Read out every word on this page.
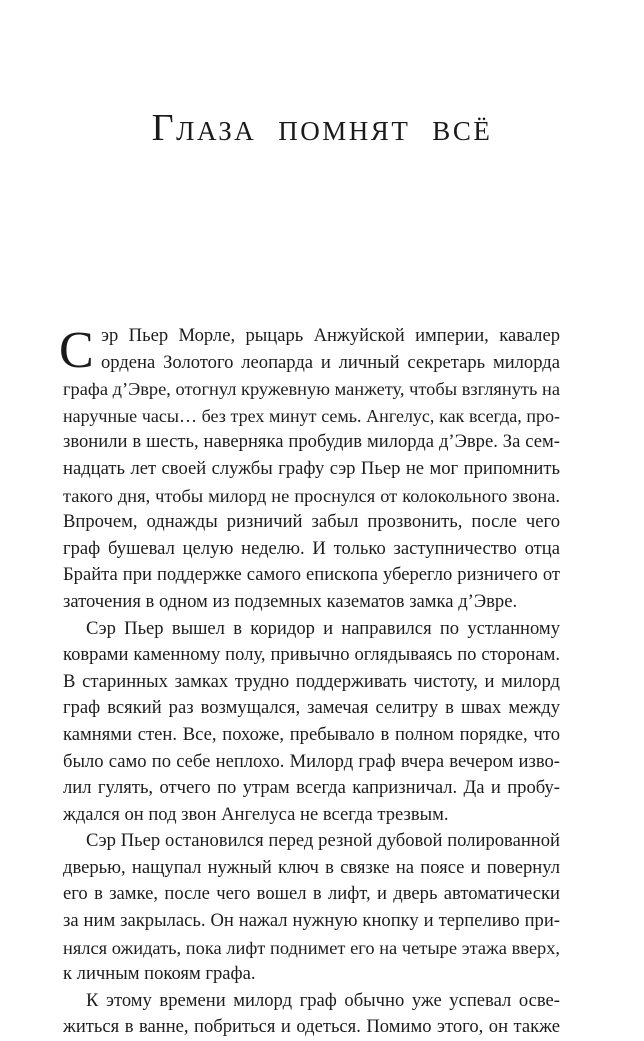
Глаза помнят всё
С эр Пьер Морле, рыцарь Анжуйской империи, кавалер
ордена Золотого леопарда и личный секретарь милорда
графа д’Эвре, отогнул кружевную манжету, чтобы взглянуть на
наручные часы… без трех минут семь. Ангелус, как всегда, про-
звонили в шесть, наверняка пробудив милорда д’Эвре. За сем-
надцать лет своей службы графу сэр Пьер не мог припомнить
такого дня, чтобы милорд не проснулся от колокольного звона.
Впрочем, однажды ризничий забыл прозвонить, после чего
граф бушевал целую неделю. И только заступничество отца
Брайта при поддержке самого епископа уберегло ризничего от
заточения в одном из подземных казематов замка д’Эвре.
Сэр Пьер вышел в коридор и направился по устланному
коврами каменному полу, привычно оглядываясь по сторонам.
В старинных замках трудно поддерживать чистоту, и милорд
граф всякий раз возмущался, замечая селитру в швах между
камнями стен. Все, похоже, пребывало в полном порядке, что
было само по себе неплохо. Милорд граф вчера вечером изво-
лил гулять, отчего по утрам всегда капризничал. Да и пробу-
ждался он под звон Ангелуса не всегда трезвым.
Сэр Пьер остановился перед резной дубовой полированной
дверью, нащупал нужный ключ в связке на поясе и повернул
его в замке, после чего вошел в лифт, и дверь автоматически
за ним закрылась. Он нажал нужную кнопку и терпеливо при-
нялся ожидать, пока лифт поднимет его на четыре этажа вверх,
к личным покоям графа.
К этому времени милорд граф обычно уже успевал осве-
житься в ванне, побриться и одеться. Помимо этого, он также
